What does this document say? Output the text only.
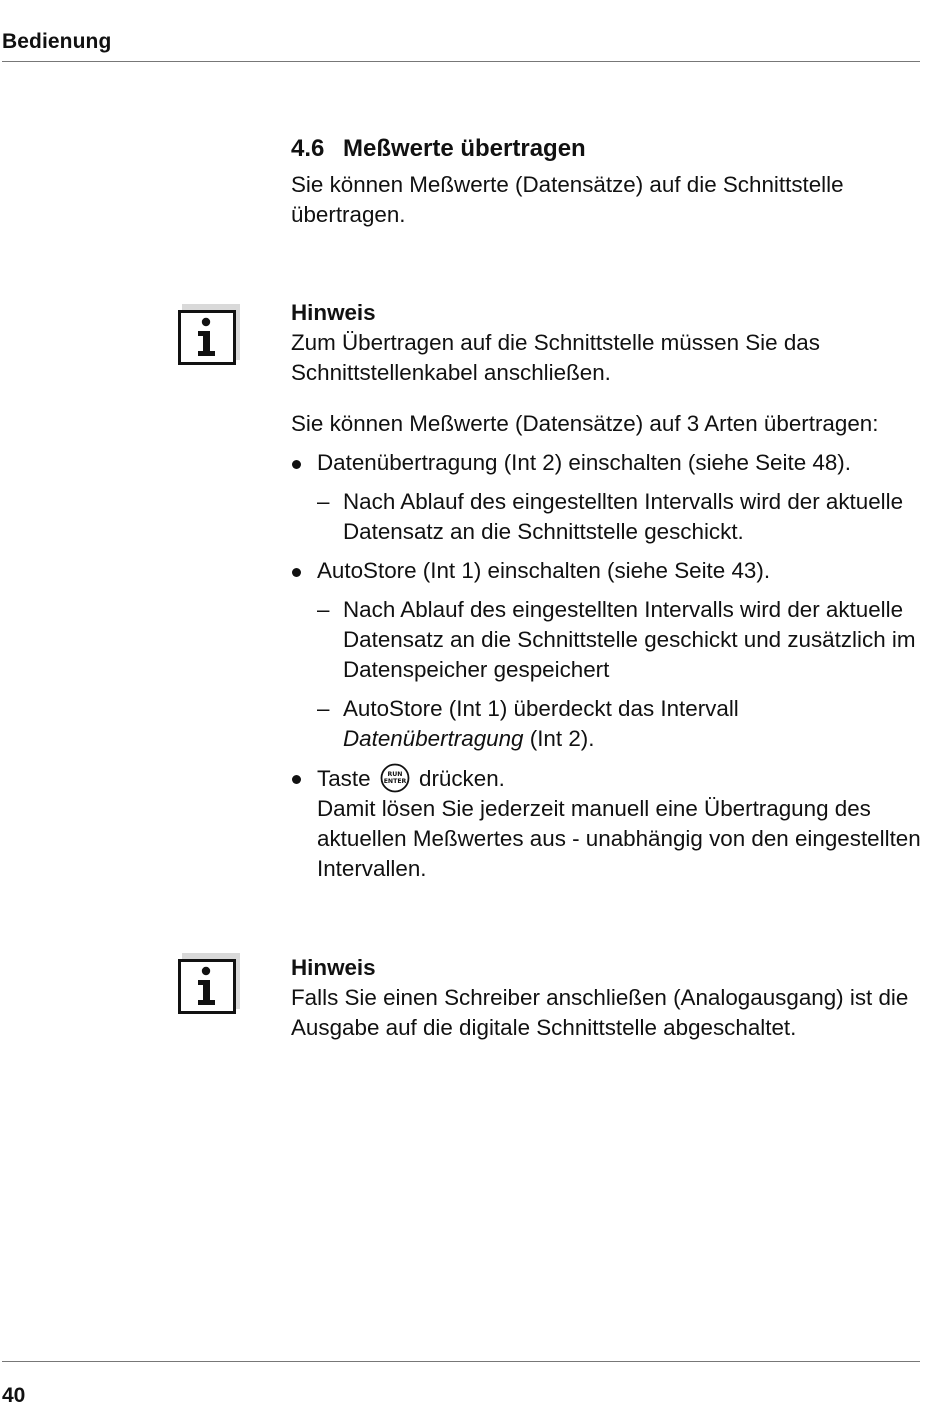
Bedienung
4.6 Meßwerte übertragen

Sie können Meßwerte (Datensätze) auf die Schnittstelle übertragen.

Hinweis

Zum Übertragen auf die Schnittstelle müssen Sie das Schnittstellenkabel anschließen.

Sie können Meßwerte (Datensätze) auf 3 Arten übertragen:

Datenübertragung (Int 2) einschalten (siehe Seite 48).
– Nach Ablauf des eingestellten Intervalls wird der aktuelle Datensatz an die Schnittstelle geschickt.
AutoStore (Int 1) einschalten (siehe Seite 43).
– Nach Ablauf des eingestellten Intervalls wird der aktuelle Datensatz an die Schnittstelle geschickt und zusätzlich im Datenspeicher gespeichert
– AutoStore (Int 1) überdeckt das Intervall
Datenübertragung (Int 2).
Taste	RUN
ENTER drücken.
Damit lösen Sie jederzeit manuell eine Übertragung des aktuellen Meßwertes aus - unabhängig von den eingestellten Intervallen.
Hinweis

Falls Sie einen Schreiber anschließen (Analogausgang) ist die Ausgabe auf die digitale Schnittstelle abgeschaltet.

40
